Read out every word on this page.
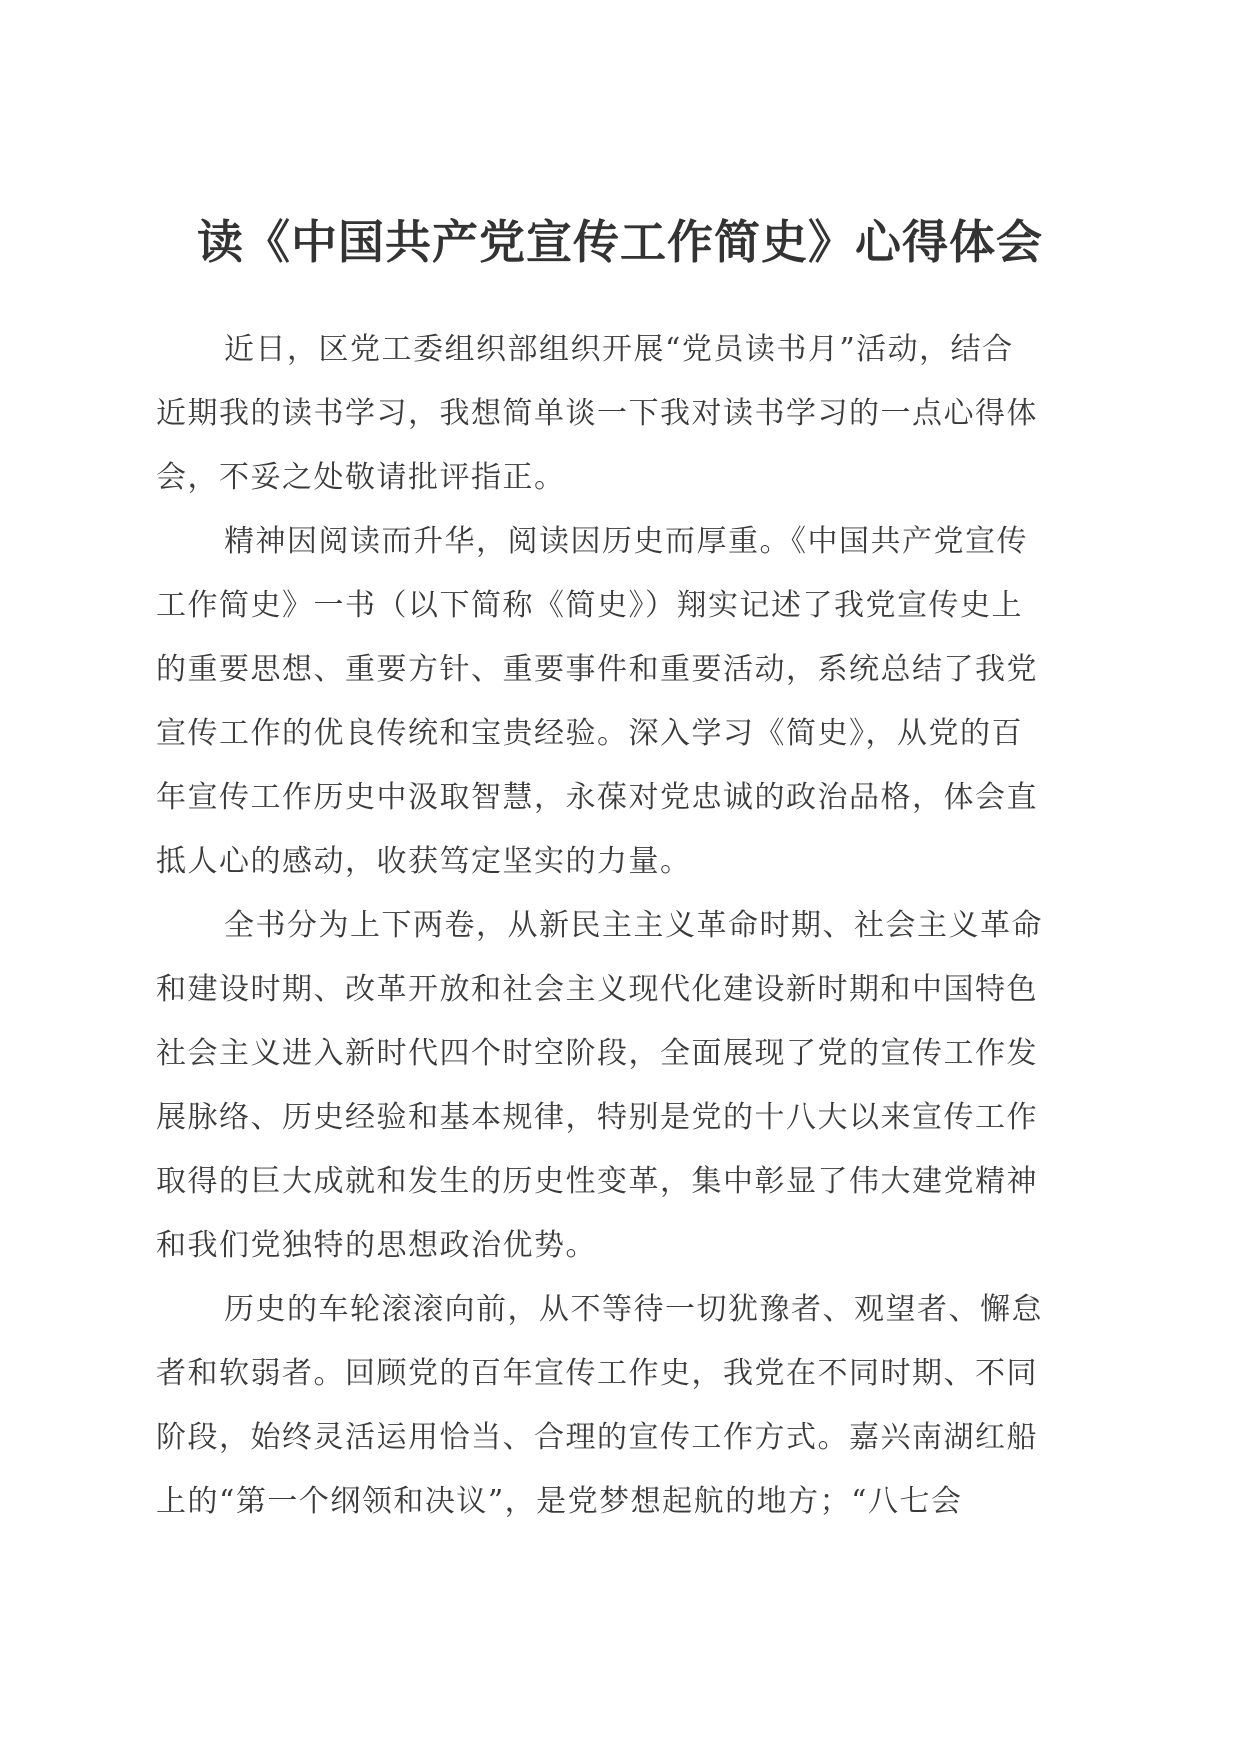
读《中国共产党宣传工作简史》心得体会

近日，区党工委组织部组织开展“党员读书月”活动，结合
近期我的读书学习，我想简单谈一下我对读书学习的一点心得体
会，不妥之处敬请批评指正。

精神因阅读而升华，阅读因历史而厚重。《中国共产党宣传
工作简史》一书（以下简称《简史》）翔实记述了我党宣传史上
的重要思想、重要方针、重要事件和重要活动，系统总结了我党
宣传工作的优良传统和宝贵经验。深入学习《简史》，从党的百
年宣传工作历史中汲取智慧，永葆对党忠诚的政治品格，体会直
抵人心的感动，收获笃定坚实的力量。

全书分为上下两卷，从新民主主义革命时期、社会主义革命
和建设时期、改革开放和社会主义现代化建设新时期和中国特色
社会主义进入新时代四个时空阶段，全面展现了党的宣传工作发
展脉络、历史经验和基本规律，特别是党的十八大以来宣传工作
取得的巨大成就和发生的历史性变革，集中彰显了伟大建党精神
和我们党独特的思想政治优势。

历史的车轮滚滚向前，从不等待一切犹豫者、观望者、懈怠
者和软弱者。回顾党的百年宣传工作史，我党在不同时期、不同
阶段，始终灵活运用恰当、合理的宣传工作方式。嘉兴南湖红船
上的“第一个纲领和决议”，是党梦想起航的地方；“八七会
